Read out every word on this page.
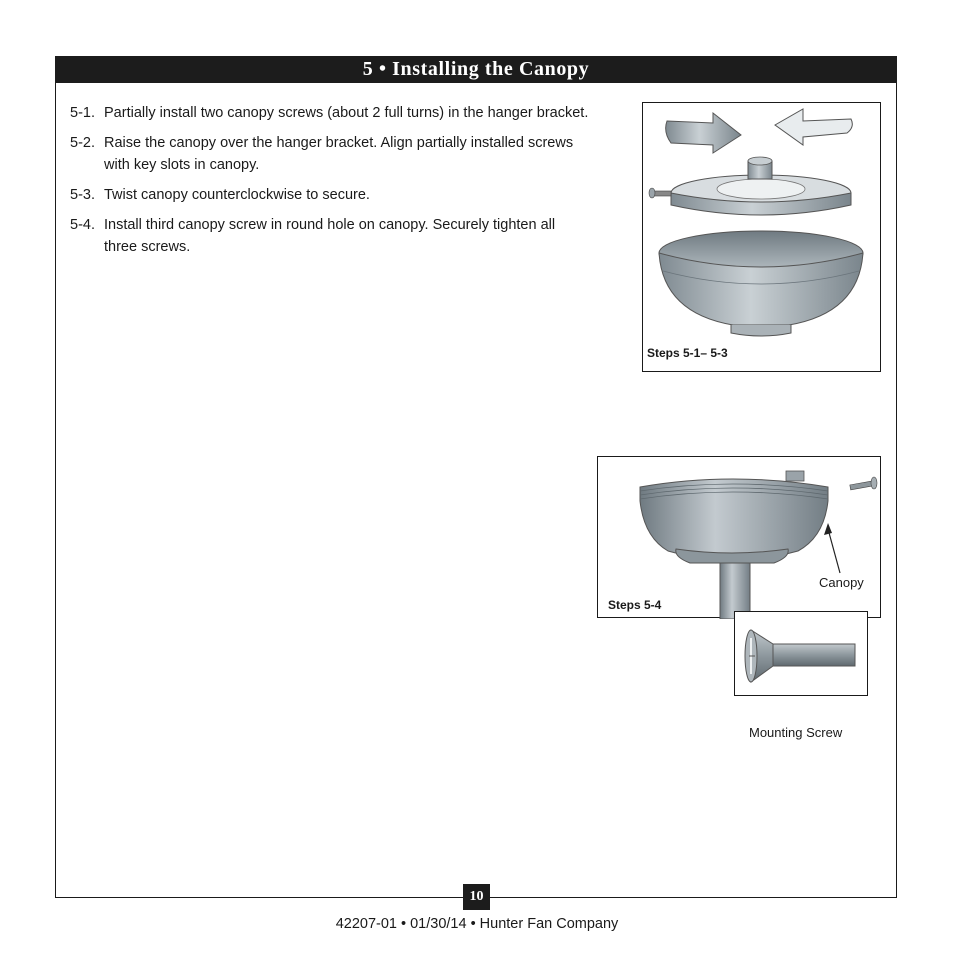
5 • Installing the Canopy
5-1. Partially install two canopy screws (about 2 full turns) in the hanger bracket.
5-2. Raise the canopy over the hanger bracket. Align partially installed screws with key slots in canopy.
5-3. Twist canopy counterclockwise to secure.
5-4. Install third canopy screw in round hole on canopy. Securely tighten all three screws.
Steps 5-1– 5-3
Canopy
Steps 5-4
Mounting Screw
10
42207-01 • 01/30/14 • Hunter Fan Company
